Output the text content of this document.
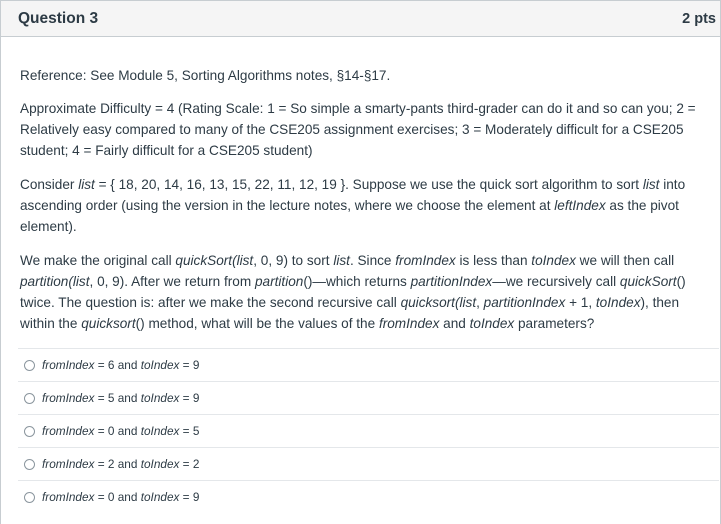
Question 3	2 pts

Reference: See Module 5, Sorting Algorithms notes, §14-§17.

Approximate Difficulty = 4 (Rating Scale: 1 = So simple a smarty-pants third-grader can do it and so can you; 2 = Relatively easy compared to many of the CSE205 assignment exercises; 3 = Moderately difficult for a CSE205 student; 4 = Fairly difficult for a CSE205 student)

Consider list = { 18, 20, 14, 16, 13, 15, 22, 11, 12, 19 }. Suppose we use the quick sort algorithm to sort list into ascending order (using the version in the lecture notes, where we choose the element at leftIndex as the pivot element).

We make the original call quickSort(list, 0, 9) to sort list. Since fromIndex is less than toIndex we will then call partition(list, 0, 9). After we return from partition()—which returns partitionIndex—we recursively call quickSort() twice. The question is: after we make the second recursive call quicksort(list, partitionIndex + 1, toIndex), then within the quicksort() method, what will be the values of the fromIndex and toIndex parameters?

fromIndex = 6 and toIndex = 9
fromIndex = 5 and toIndex = 9
fromIndex = 0 and toIndex = 5
fromIndex = 2 and toIndex = 2
fromIndex = 0 and toIndex = 9
